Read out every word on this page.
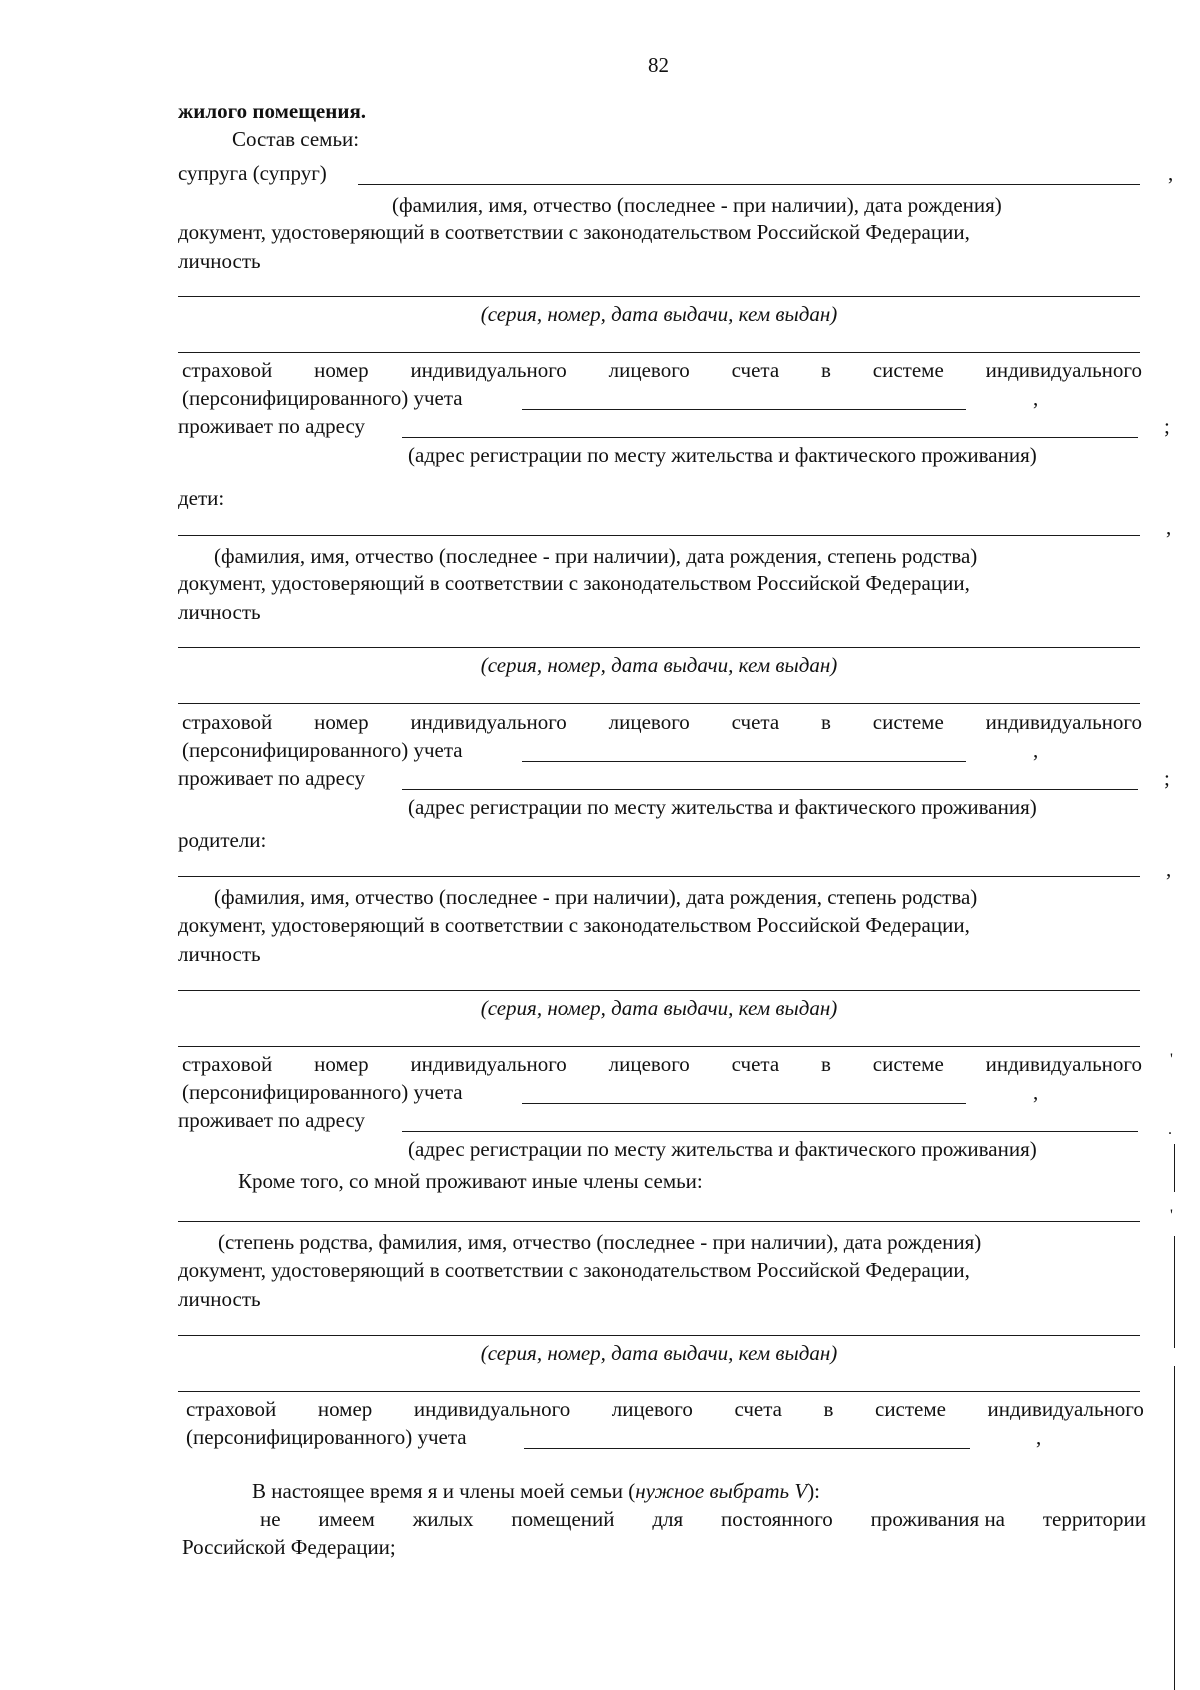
82
жилого помещения.
Состав семьи:
супруга (супруг)	,
(фамилия, имя, отчество (последнее - при наличии), дата рождения)
документ, удостоверяющий в соответствии с законодательством Российской Федерации,
личность
(серия, номер, дата выдачи, кем выдан)
страховой номер индивидуального лицевого счета в системе индивидуального
(персонифицированного) учета	,
проживает по адресу	;
(адрес регистрации по месту жительства и фактического проживания)
дети:
,
(фамилия, имя, отчество (последнее - при наличии), дата рождения, степень родства)
документ, удостоверяющий в соответствии с законодательством Российской Федерации,
личность
(серия, номер, дата выдачи, кем выдан)
страховой номер индивидуального лицевого счета в системе индивидуального
(персонифицированного) учета	,
проживает по адресу	;
(адрес регистрации по месту жительства и фактического проживания)
родители:
,
(фамилия, имя, отчество (последнее - при наличии), дата рождения, степень родства)
документ, удостоверяющий в соответствии с законодательством Российской Федерации,
личность
(серия, номер, дата выдачи, кем выдан)
страховой номер индивидуального лицевого счета в системе индивидуального
(персонифицированного) учета	,
проживает по адресу
(адрес регистрации по месту жительства и фактического проживания)
Кроме того, со мной проживают иные члены семьи:
(степень родства, фамилия, имя, отчество (последнее - при наличии), дата рождения)
документ, удостоверяющий в соответствии с законодательством Российской Федерации,
личность
(серия, номер, дата выдачи, кем выдан)
страховой номер индивидуального лицевого счета в системе индивидуального
(персонифицированного) учета	,
В настоящее время я и члены моей семьи (нужное выбрать V):
не имеем жилых помещений для постоянного проживания на территории
Российской Федерации;
'
.
'
